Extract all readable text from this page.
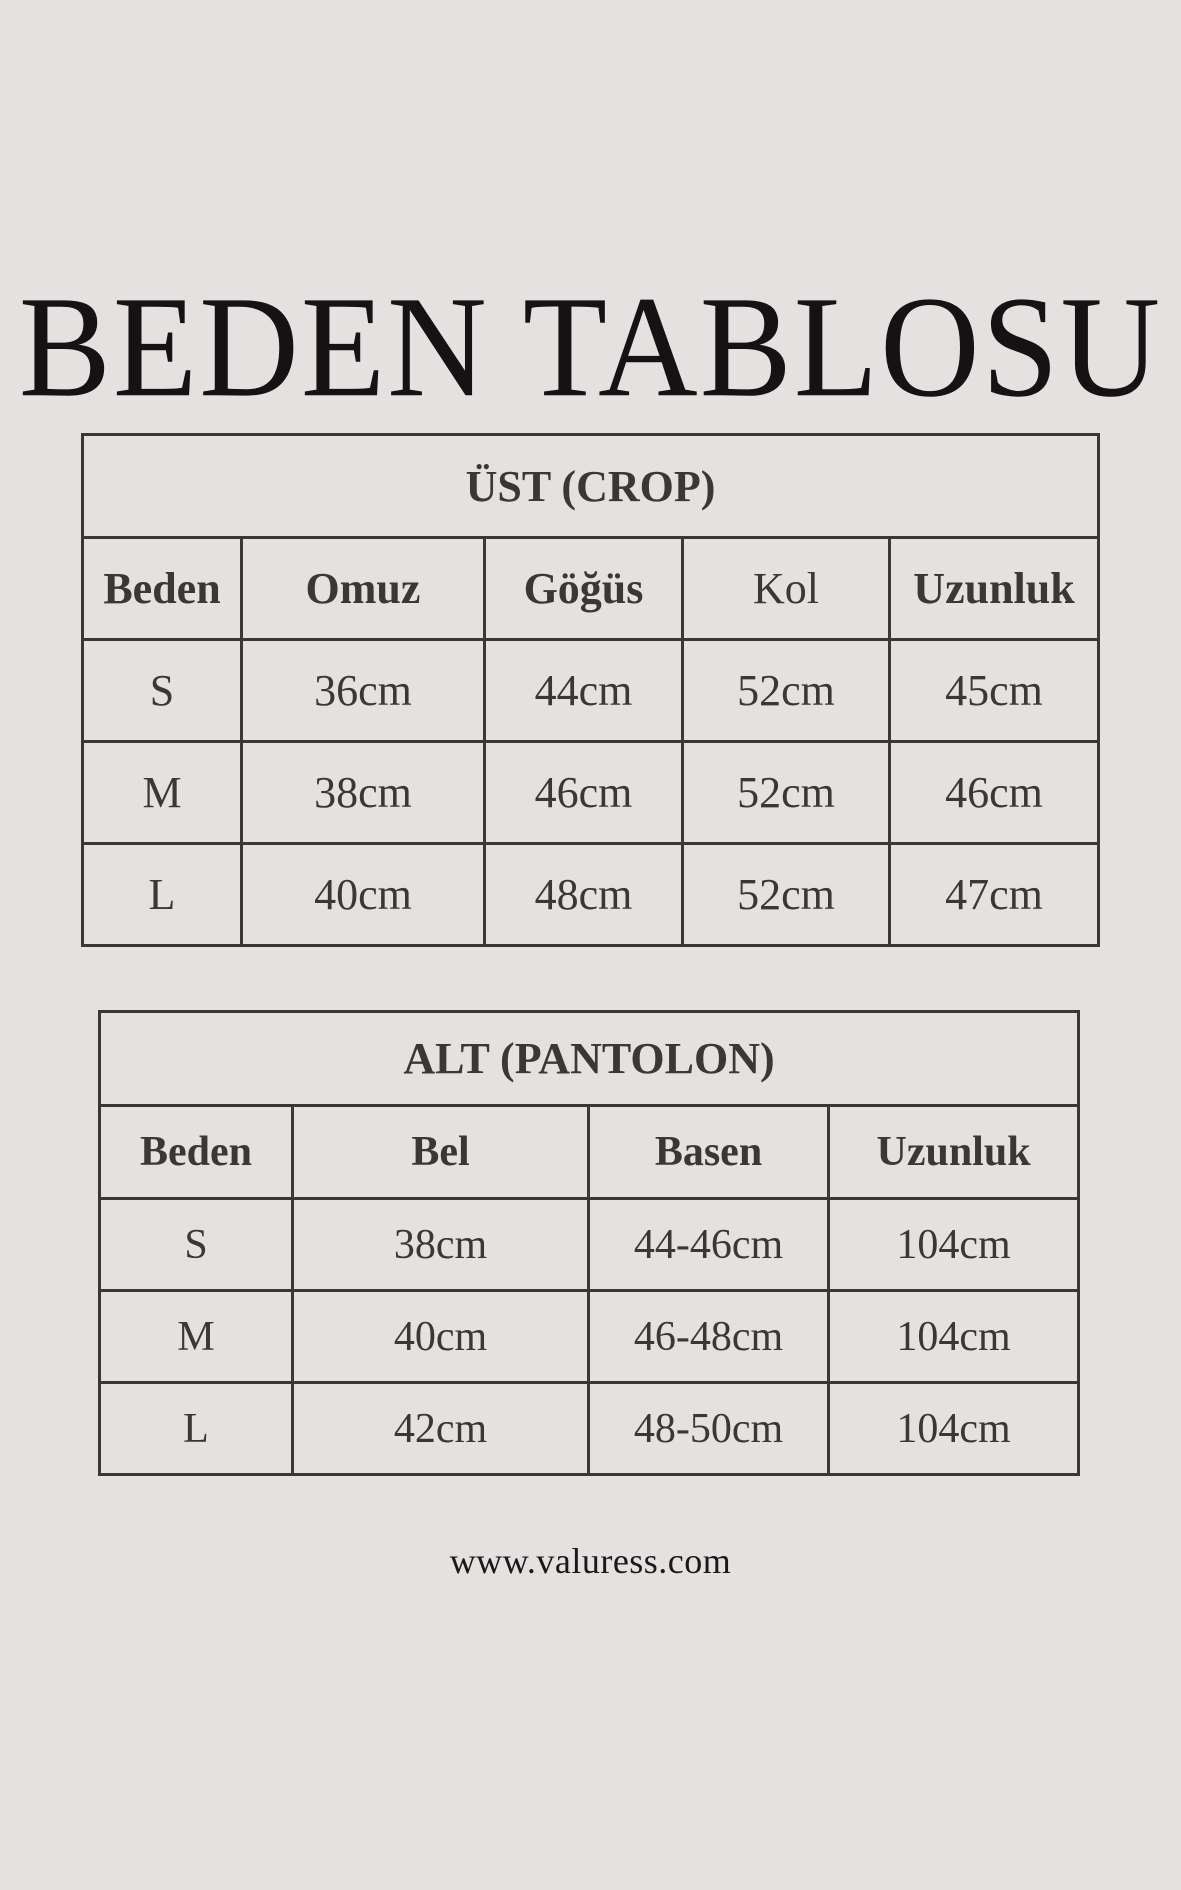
BEDEN TABLOSU
ÜST (CROP)				
Beden	Omuz	Göğüs	Kol	Uzunluk
S	36cm	44cm	52cm	45cm
M	38cm	46cm	52cm	46cm
L	40cm	48cm	52cm	47cm
ALT (PANTOLON)			
Beden	Bel	Basen	Uzunluk
S	38cm	44-46cm	104cm
M	40cm	46-48cm	104cm
L	42cm	48-50cm	104cm
www.valuress.com
